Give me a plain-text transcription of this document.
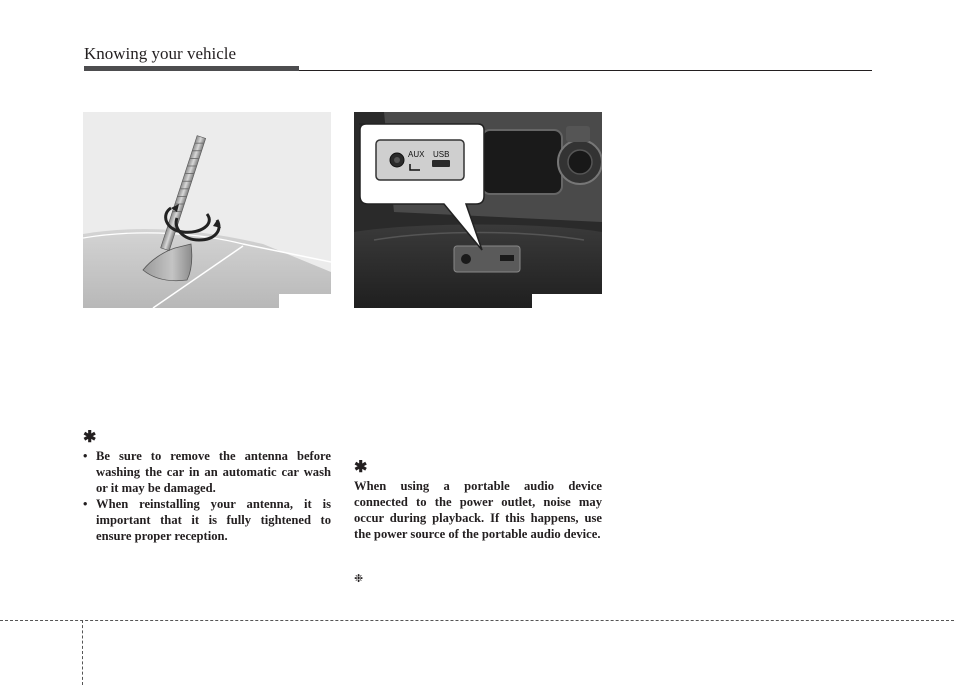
Knowing your vehicle
AUX USB
✱
• Be sure to remove the antenna before washing the car in an automatic car wash or it may be damaged.
• When reinstalling your antenna, it is important that it is fully tightened to ensure proper reception.
✱

When using a portable audio device connected to the power outlet, noise may occur during playback. If this happens, use the power source of the portable audio device.

❉
